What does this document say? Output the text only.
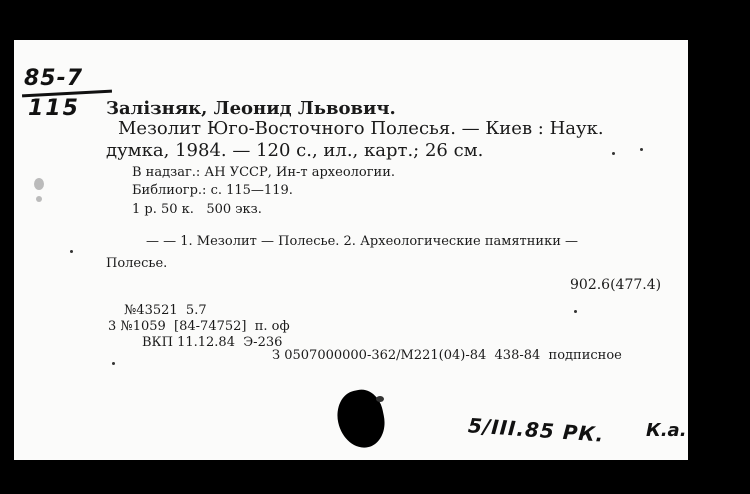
85-7
115 Залізняк, Леонид Львович.
Мезолит Юго-Восточного Полесья. — Киев : Наук.
думка, 1984. — 120 с., ил., карт.; 26 см.
В надзаг.: АН УССР, Ин-т археологии.
Библиогр.: с. 115—119.
1 р. 50 к.   500 экз.
— — 1. Мезолит — Полесье. 2. Археологические памятники —
Полесье.
902.6(477.4)
№43521  5.7
3 №1059  [84-74752]  п. оф
ВКП 11.12.84  Э-236
З 0507000000-362/М221(04)-84  438-84  подписное
5/III.85 РК. К.а.
